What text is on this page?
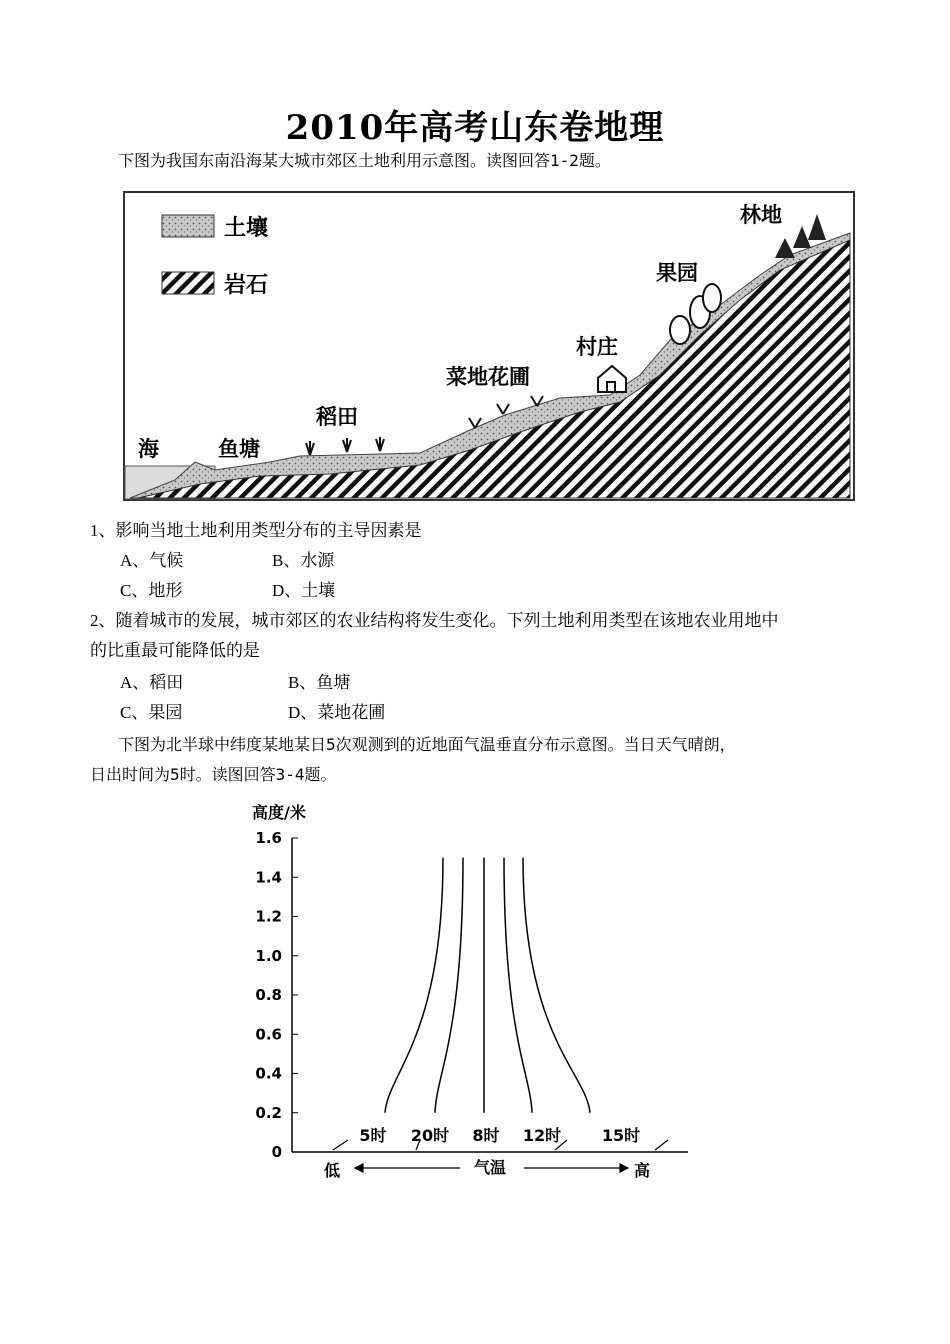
2010年高考山东卷地理
下图为我国东南沿海某大城市郊区土地利用示意图。读图回答1-2题。
土壤
岩石
海	鱼塘
稻田
菜地花圃
村庄
果园
林地
1、影响当地土地利用类型分布的主导因素是
A、气候	B、水源
C、地形	D、土壤
2、随着城市的发展，城市郊区的农业结构将发生变化。下列土地利用类型在该地农业用地中
的比重最可能降低的是
A、稻田	B、鱼塘
C、果园	D、菜地花圃
下图为北半球中纬度某地某日5次观测到的近地面气温垂直分布示意图。当日天气晴朗，
日出时间为5时。读图回答3-4题。
高度/米
0
0.2
0.4
0.6
0.8
1.0
1.2
1.4
1.6
5时 20时 8时 12时	15时
低	气温	高
